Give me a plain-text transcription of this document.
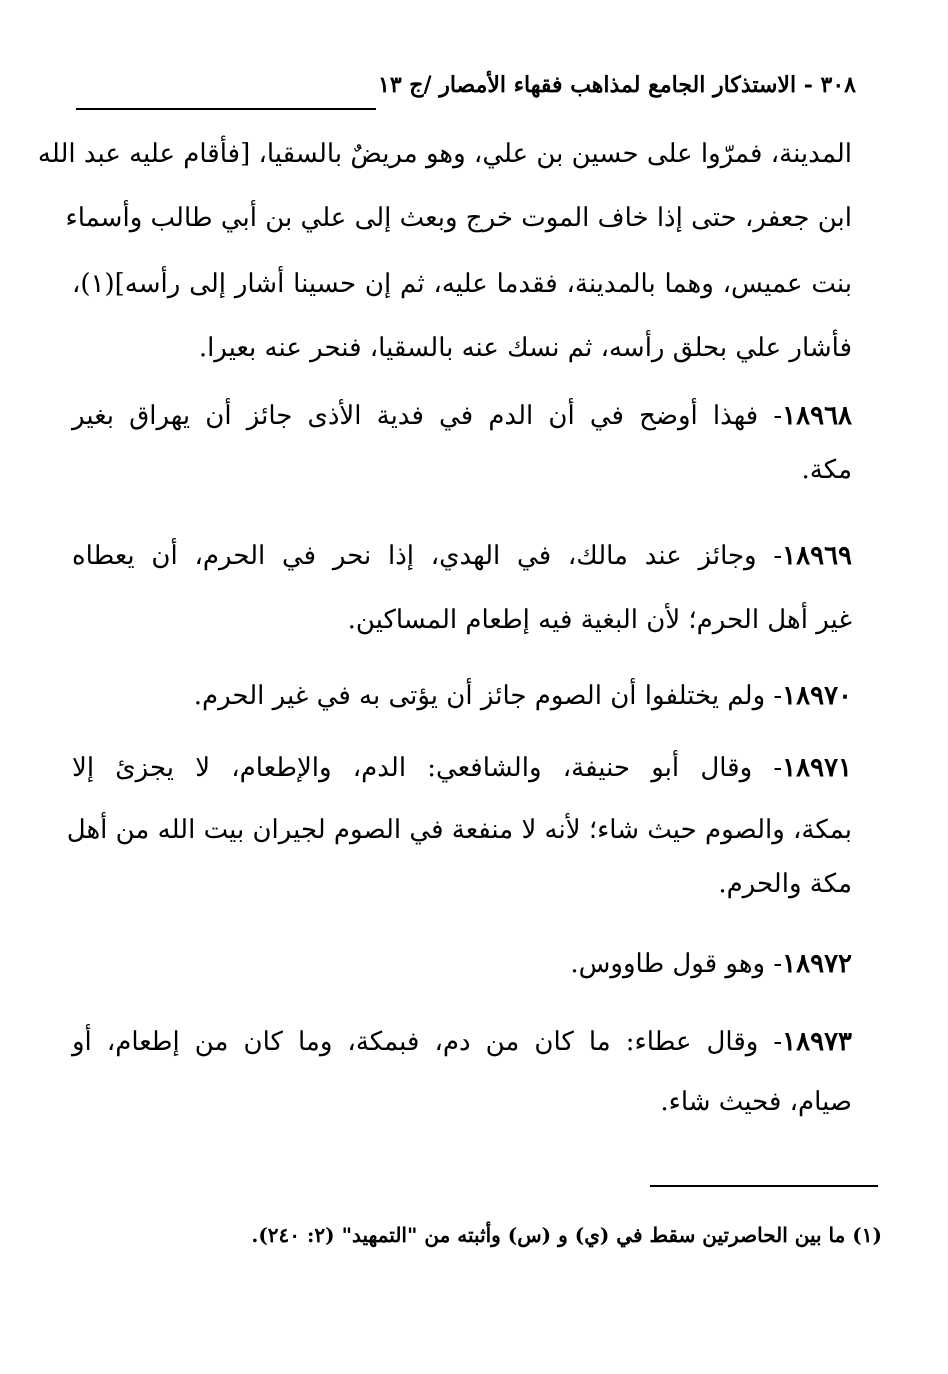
٣٠٨ - الاستذكار الجامع لمذاهب فقهاء الأمصار /ج ١٣
المدينة، فمرّوا على حسين بن علي، وهو مريضٌ بالسقيا، [فأقام عليه عبد الله
ابن جعفر، حتى إذا خاف الموت خرج وبعث إلى علي بن أبي طالب وأسماء
بنت عميس، وهما بالمدينة، فقدما عليه، ثم إن حسينا أشار إلى رأسه](١)،
فأشار علي بحلق رأسه، ثم نسك عنه بالسقيا، فنحر عنه بعيرا.
١٨٩٦٨- فهذا أوضح في أن الدم في فدية الأذى جائز أن يهراق بغير
مكة.
١٨٩٦٩- وجائز عند مالك، في الهدي، إذا نحر في الحرم، أن يعطاه
غير أهل الحرم؛ لأن البغية فيه إطعام المساكين.
١٨٩٧٠- ولم يختلفوا أن الصوم جائز أن يؤتى به في غير الحرم.
١٨٩٧١- وقال أبو حنيفة، والشافعي: الدم، والإطعام، لا يجزئ إلا
بمكة، والصوم حيث شاء؛ لأنه لا منفعة في الصوم لجيران بيت الله من أهل
مكة والحرم.
١٨٩٧٢- وهو قول طاووس.
١٨٩٧٣- وقال عطاء: ما كان من دم، فبمكة، وما كان من إطعام، أو
صيام، فحيث شاء.
(١) ما بين الحاصرتين سقط في (ي) و (س) وأثبته من "التمهيد" (٢: ٢٤٠).
